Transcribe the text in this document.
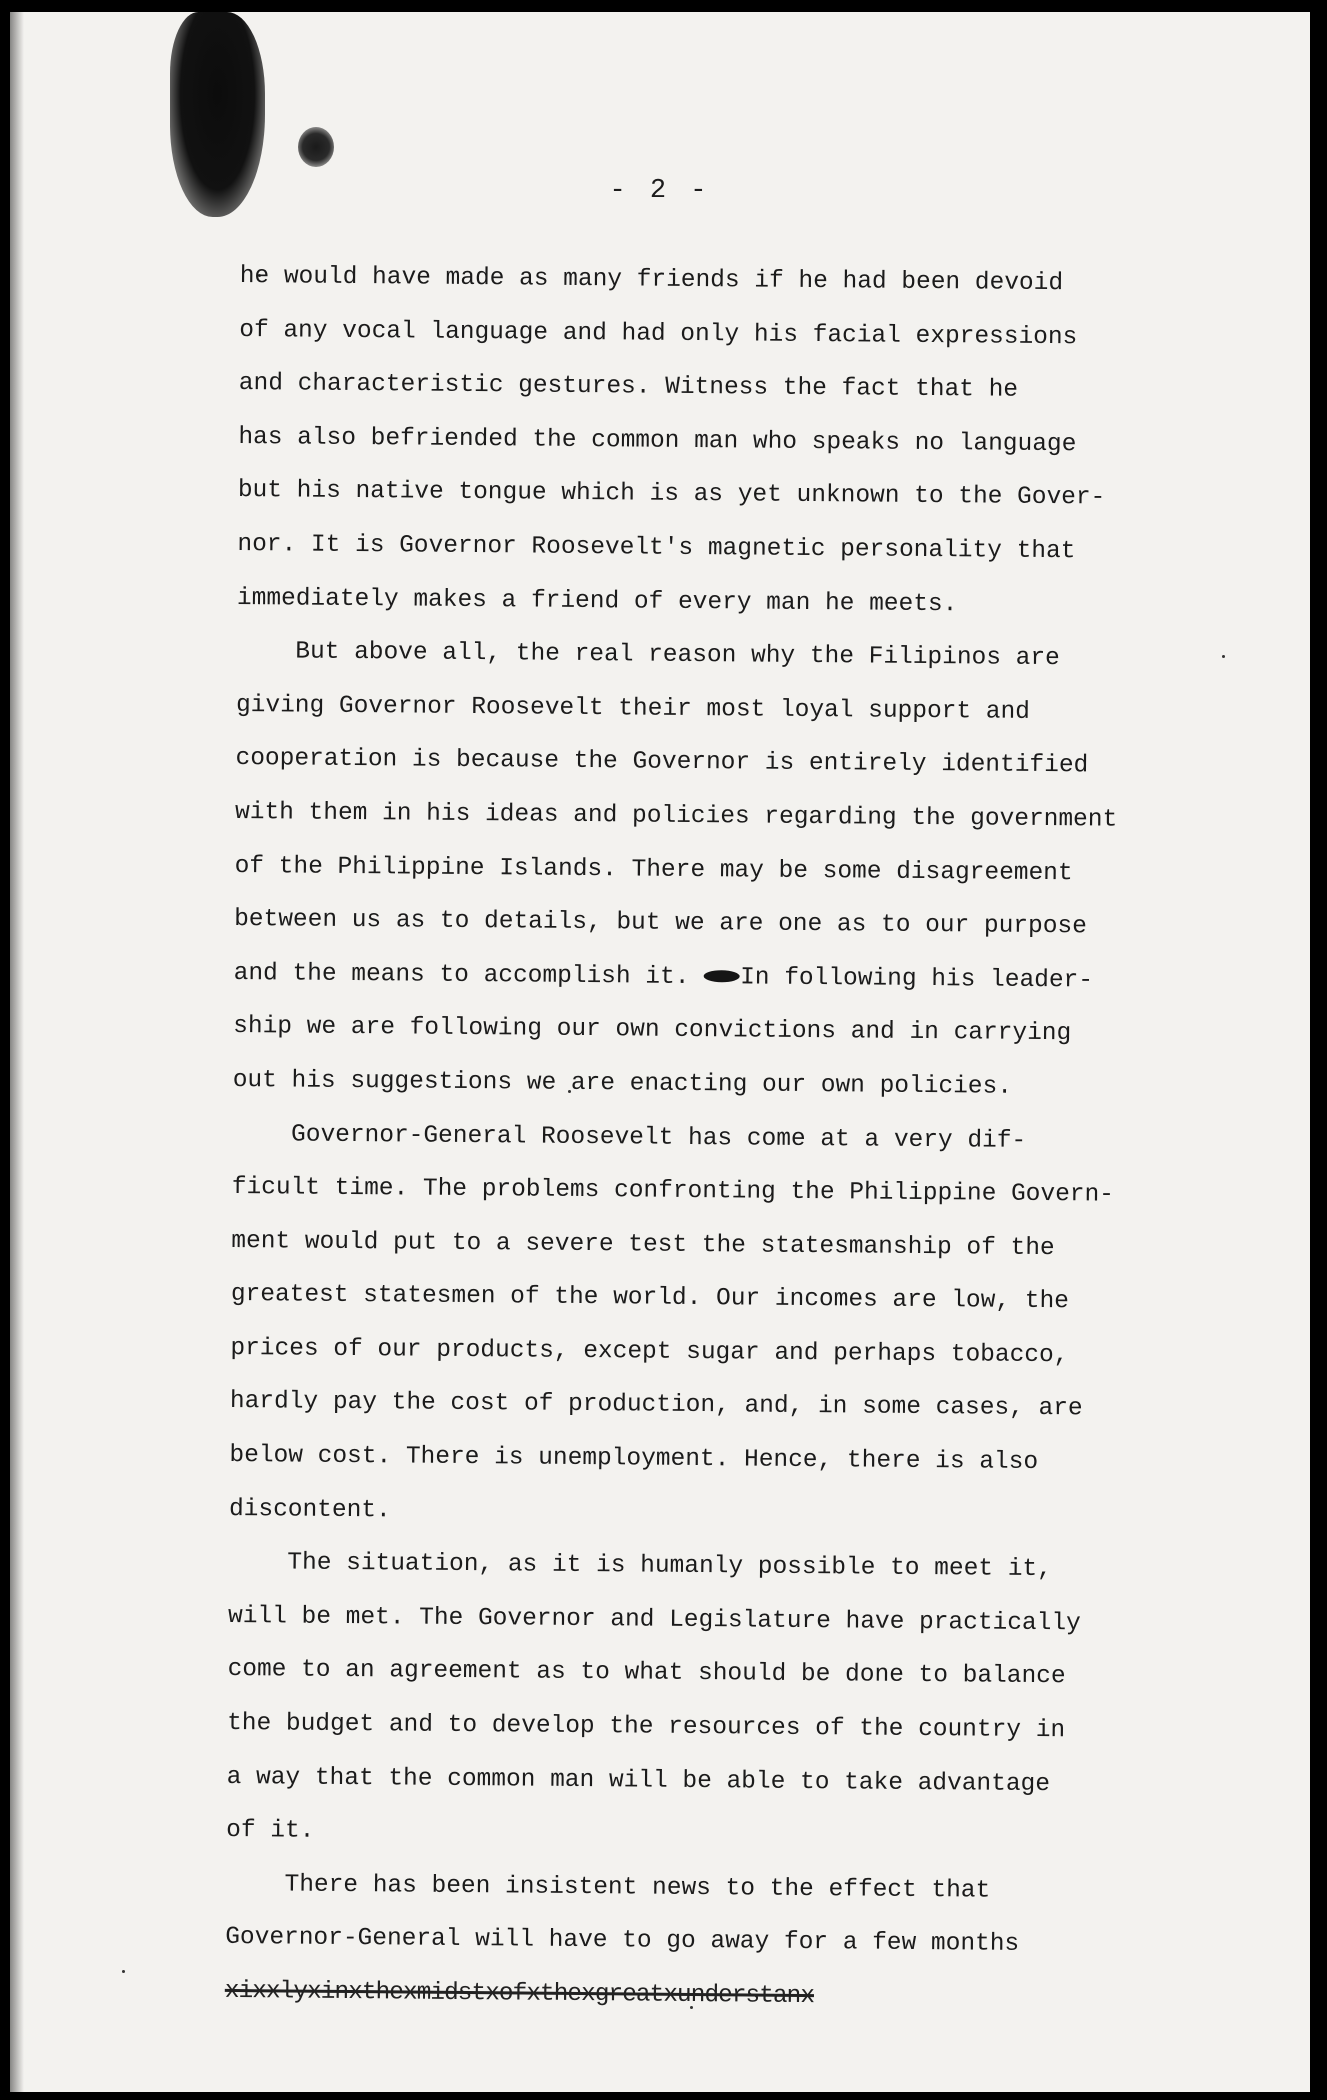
- 2 -
he would have made as many friends if he had been devoid
of any vocal language and had only his facial expressions
and characteristic gestures. Witness the fact that he
has also befriended the common man who speaks no language
but his native tongue which is as yet unknown to the Gover-
nor. It is Governor Roosevelt's magnetic personality that
immediately makes a friend of every man he meets.
But above all, the real reason why the Filipinos are
giving Governor Roosevelt their most loyal support and
cooperation is because the Governor is entirely identified
with them in his ideas and policies regarding the government
of the Philippine Islands. There may be some disagreement
between us as to details, but we are one as to our purpose
and the means to accomplish it. In following his leader-
ship we are following our own convictions and in carrying
out his suggestions we are enacting our own policies.
Governor-General Roosevelt has come at a very dif-
ficult time. The problems confronting the Philippine Govern-
ment would put to a severe test the statesmanship of the
greatest statesmen of the world. Our incomes are low, the
prices of our products, except sugar and perhaps tobacco,
hardly pay the cost of production, and, in some cases, are
below cost. There is unemployment. Hence, there is also
discontent.
The situation, as it is humanly possible to meet it,
will be met. The Governor and Legislature have practically
come to an agreement as to what should be done to balance
the budget and to develop the resources of the country in
a way that the common man will be able to take advantage
of it.
There has been insistent news to the effect that
Governor-General will have to go away for a few months
xixxlyxinxthexmidstxofxthexgreatxunderstanx
